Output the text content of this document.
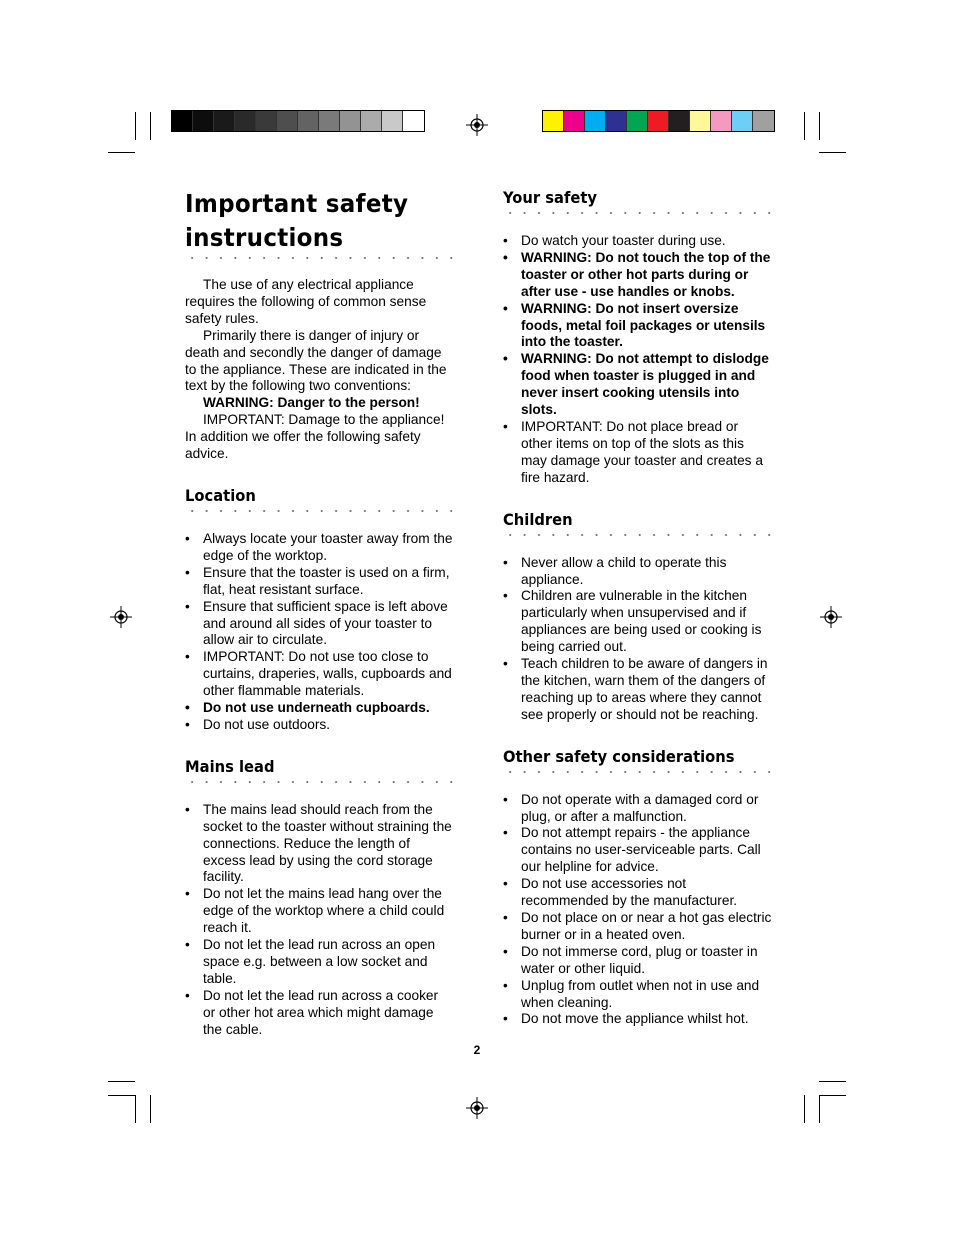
Important safety
instructions

The use of any electrical appliance requires the following of common sense safety rules.

Primarily there is danger of injury or death and secondly the danger of damage to the appliance. These are indicated in the text by the following two conventions:

WARNING: Danger to the person!

IMPORTANT: Damage to the appliance! In addition we offer the following safety advice.

Location
• Always locate your toaster away from the edge of the worktop.
• Ensure that the toaster is used on a firm, flat, heat resistant surface.
• Ensure that sufficient space is left above and around all sides of your toaster to allow air to circulate.
• IMPORTANT: Do not use too close to curtains, draperies, walls, cupboards and other flammable materials.
• Do not use underneath cupboards.
• Do not use outdoors.
Mains lead
• The mains lead should reach from the socket to the toaster without straining the connections. Reduce the length of excess lead by using the cord storage facility.
• Do not let the mains lead hang over the edge of the worktop where a child could reach it.
• Do not let the lead run across an open space e.g. between a low socket and table.
• Do not let the lead run across a cooker or other hot area which might damage the cable.
Your safety
• Do watch your toaster during use.
• WARNING: Do not touch the top of the toaster or other hot parts during or after use - use handles or knobs.
• WARNING: Do not insert oversize foods, metal foil packages or utensils into the toaster.
• WARNING: Do not attempt to dislodge food when toaster is plugged in and never insert cooking utensils into slots.
• IMPORTANT: Do not place bread or other items on top of the slots as this may damage your toaster and creates a fire hazard.
Children
• Never allow a child to operate this appliance.
• Children are vulnerable in the kitchen particularly when unsupervised and if appliances are being used or cooking is being carried out.
• Teach children to be aware of dangers in the kitchen, warn them of the dangers of reaching up to areas where they cannot see properly or should not be reaching.
Other safety considerations
• Do not operate with a damaged cord or plug, or after a malfunction.
• Do not attempt repairs - the appliance contains no user-serviceable parts. Call our helpline for advice.
• Do not use accessories not recommended by the manufacturer.
• Do not place on or near a hot gas electric burner or in a heated oven.
• Do not immerse cord, plug or toaster in water or other liquid.
• Unplug from outlet when not in use and when cleaning.
• Do not move the appliance whilst hot.
2
